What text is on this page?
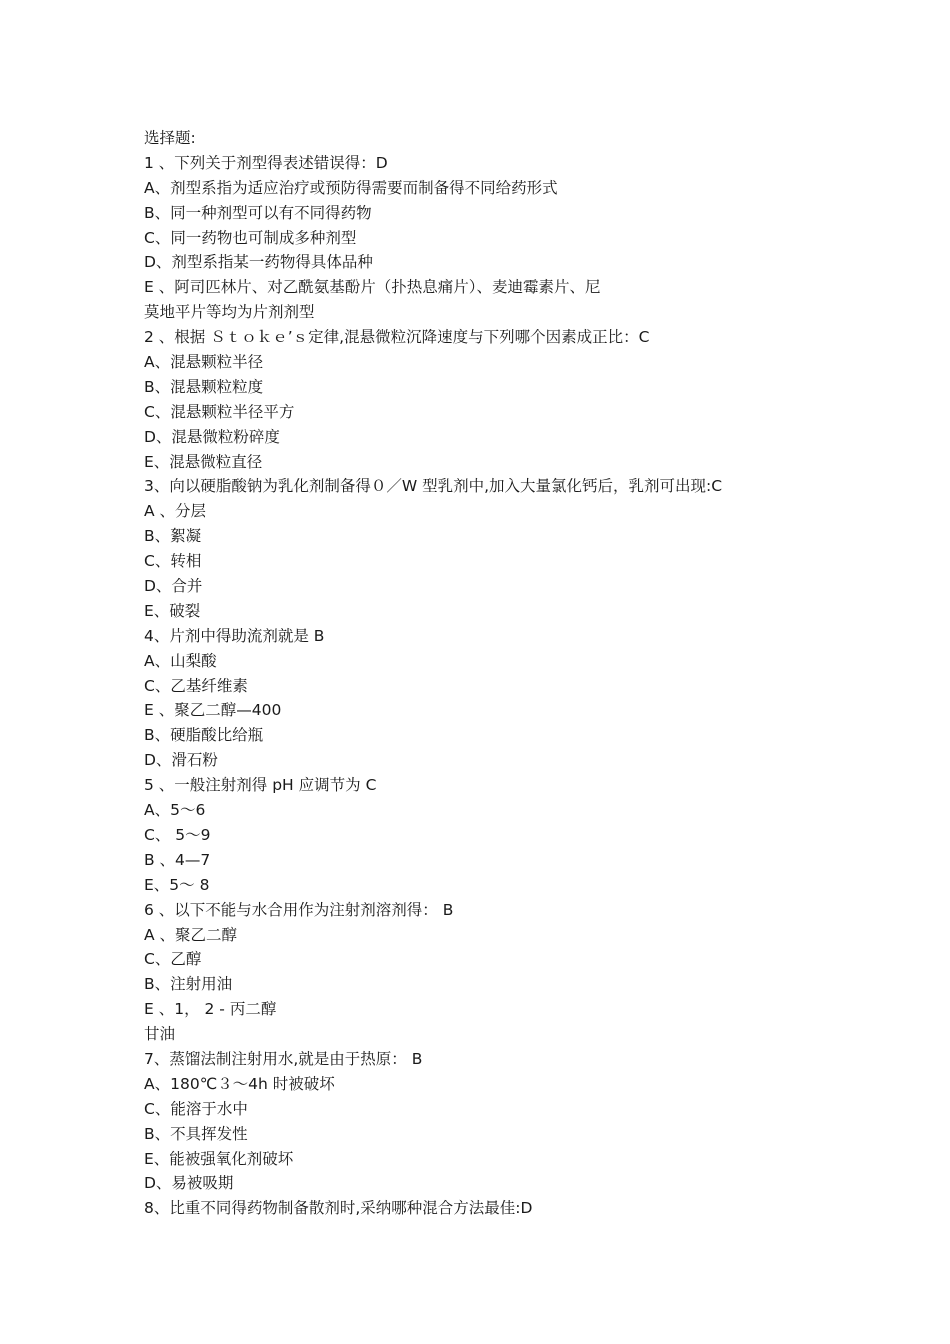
选择题:
1 、下列关于剂型得表述错误得：D
A、剂型系指为适应治疗或预防得需要而制备得不同给药形式
B、同一种剂型可以有不同得药物
C、同一药物也可制成多种剂型
D、剂型系指某一药物得具体品种
E 、阿司匹林片、对乙酰氨基酚片（扑热息痛片）、麦迪霉素片、尼
莫地平片等均为片剂剂型
2 、根据 Ｓｔｏｋｅ’ｓ定律,混悬微粒沉降速度与下列哪个因素成正比：C
A、混悬颗粒半径
B、混悬颗粒粒度
C、混悬颗粒半径平方
D、混悬微粒粉碎度
E、混悬微粒直径
3、向以硬脂酸钠为乳化剂制备得０／W 型乳剂中,加入大量氯化钙后，乳剂可出现:C
A 、分层
B、絮凝
C、转相
D、合并
E、破裂
4、片剂中得助流剂就是 B
A、山梨酸
C、乙基纤维素
E 、聚乙二醇—400
B、硬脂酸比给瓶
D、滑石粉
5 、一般注射剂得 pH 应调节为 C
A、5～6
C、 5～9
B 、4—7
E、5～ 8
6 、以下不能与水合用作为注射剂溶剂得： B
A 、聚乙二醇
C、乙醇
B、注射用油
E 、1， 2 - 丙二醇
甘油
7、蒸馏法制注射用水,就是由于热原： B
A、180℃３～4h 时被破坏
C、能溶于水中
B、不具挥发性
E、能被强氧化剂破坏
D、易被吸期
8、比重不同得药物制备散剂时,采纳哪种混合方法最佳:D
